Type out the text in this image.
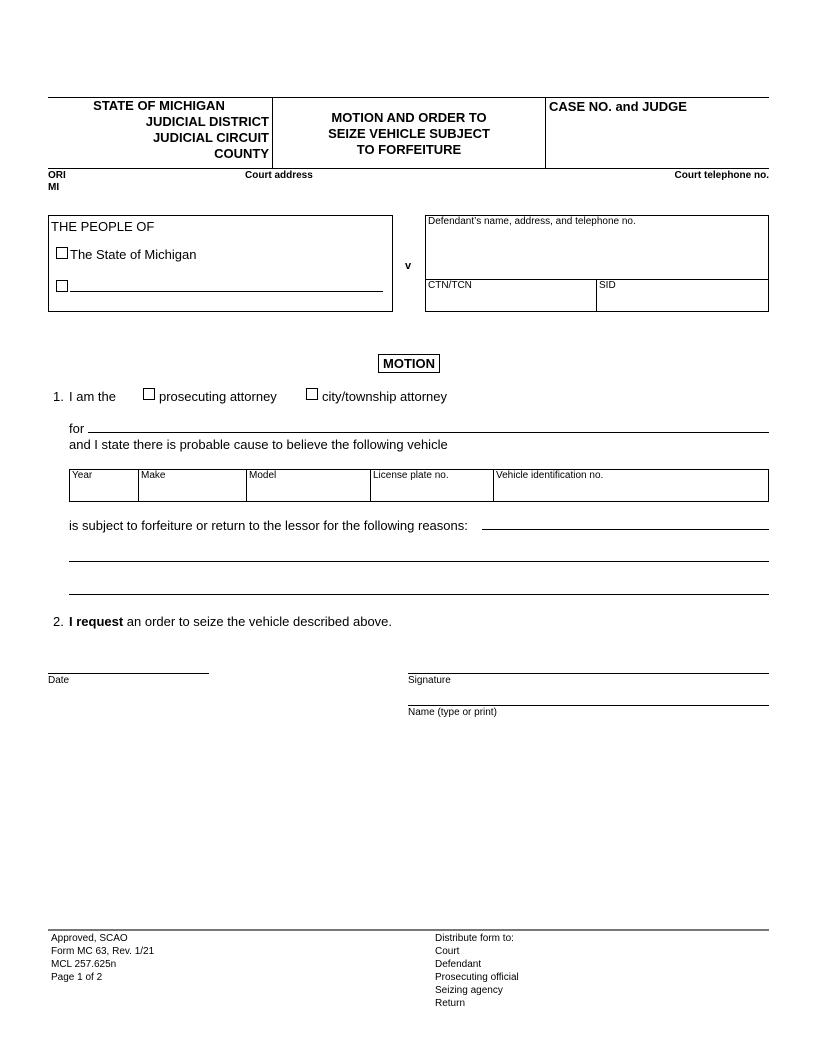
STATE OF MICHIGAN
JUDICIAL DISTRICT
JUDICIAL CIRCUIT
COUNTY
MOTION AND ORDER TO
SEIZE VEHICLE SUBJECT
TO FORFEITURE
CASE NO. and JUDGE
ORI
MI
Court address	Court telephone no.
THE PEOPLE OF
The State of Michigan
v
Defendant’s name, address, and telephone no.
CTN/TCN	SID
MOTION
1. I am the	prosecuting attorney	city/township attorney
for
and I state there is probable cause to believe the following vehicle
Year	Make	Model	License plate no.	Vehicle identification no.
is subject to forfeiture or return to the lessor for the following reasons:
2. I request an order to seize the vehicle described above.
Date	Signature
Name (type or print)
Approved, SCAO
Form MC 63, Rev. 1/21
MCL 257.625n
Page 1 of 2
Distribute form to:
Court
Defendant
Prosecuting official
Seizing agency
Return
